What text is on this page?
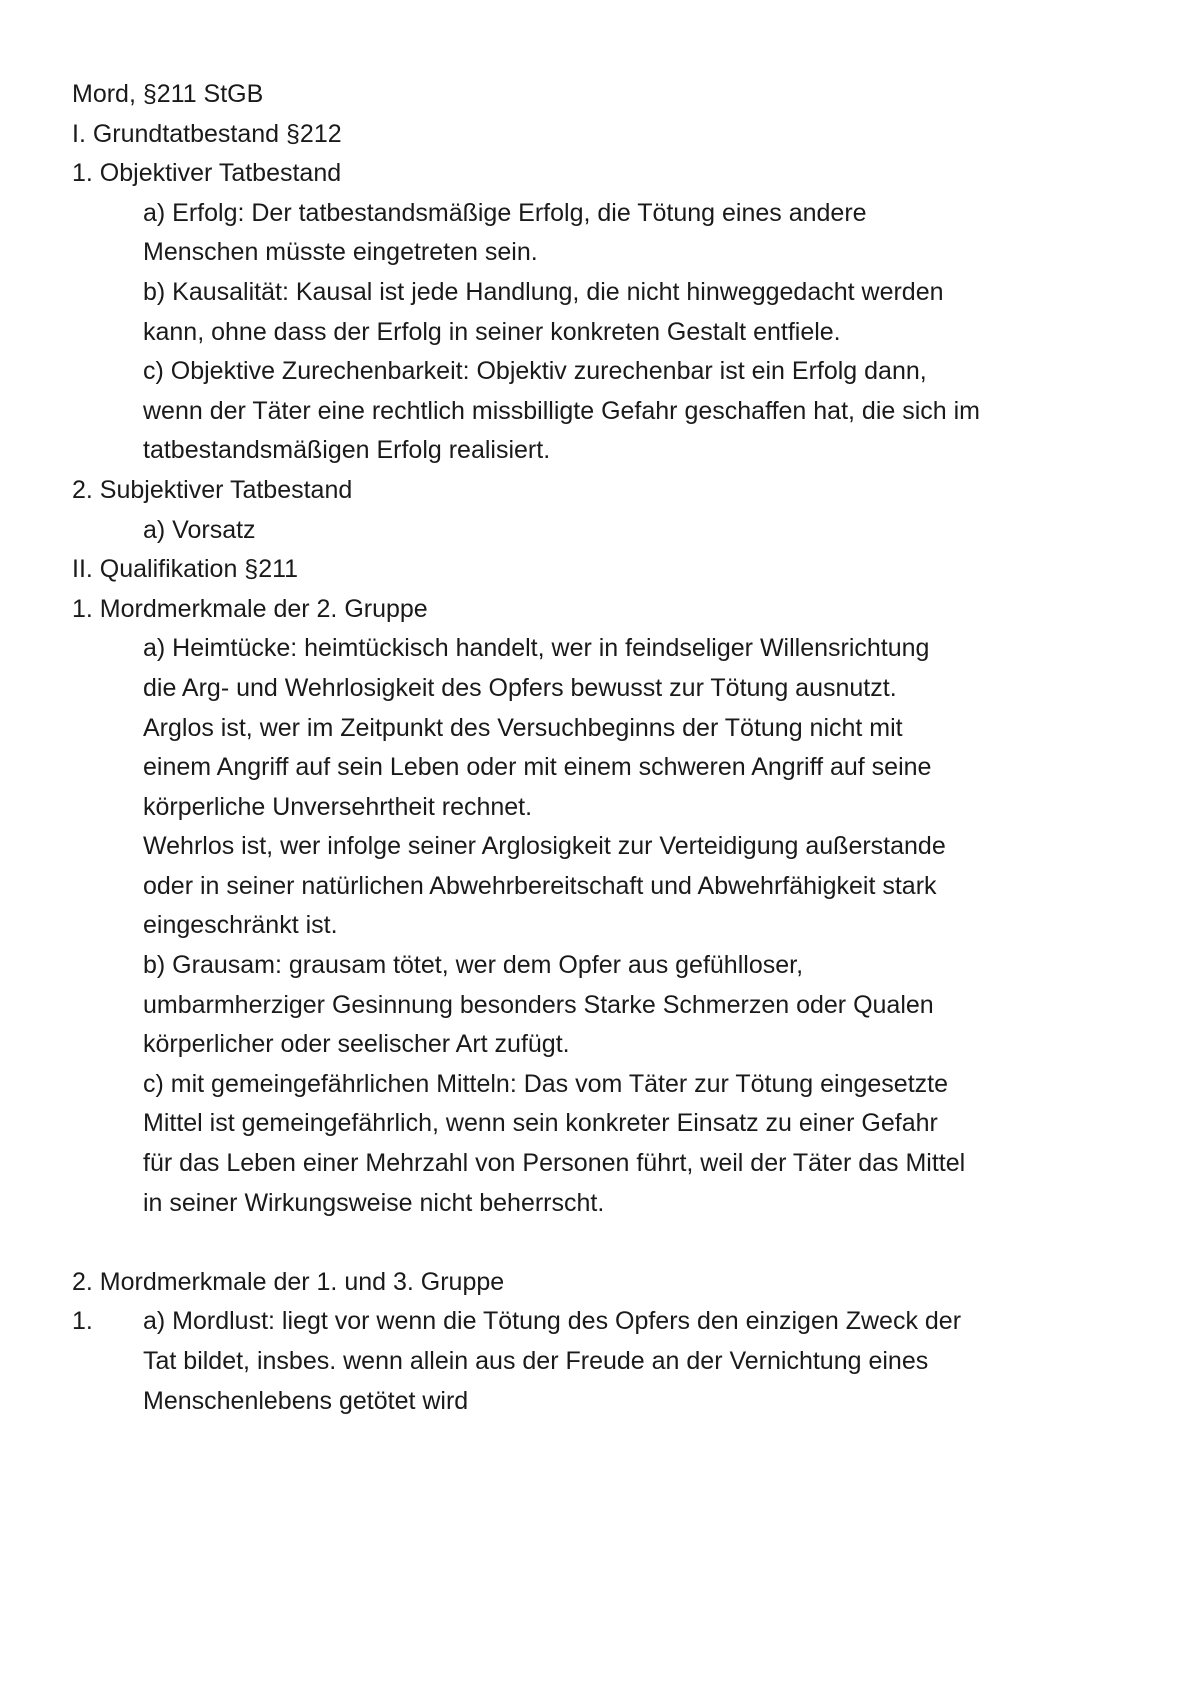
Mord, §211 StGB
I. Grundtatbestand §212
1. Objektiver Tatbestand
a) Erfolg: Der tatbestandsmäßige Erfolg, die Tötung eines andere
Menschen müsste eingetreten sein.
b) Kausalität: Kausal ist jede Handlung, die nicht hinweggedacht werden
kann, ohne dass der Erfolg in seiner konkreten Gestalt entfiele.
c) Objektive Zurechenbarkeit: Objektiv zurechenbar ist ein Erfolg dann,
wenn der Täter eine rechtlich missbilligte Gefahr geschaffen hat, die sich im
tatbestandsmäßigen Erfolg realisiert.
2. Subjektiver Tatbestand
a) Vorsatz
II. Qualifikation §211
1. Mordmerkmale der 2. Gruppe
a) Heimtücke: heimtückisch handelt, wer in feindseliger Willensrichtung
die Arg- und Wehrlosigkeit des Opfers bewusst zur Tötung ausnutzt.
Arglos ist, wer im Zeitpunkt des Versuchbeginns der Tötung nicht mit
einem Angriff auf sein Leben oder mit einem schweren Angriff auf seine
körperliche Unversehrtheit rechnet.
Wehrlos ist, wer infolge seiner Arglosigkeit zur Verteidigung außerstande
oder in seiner natürlichen Abwehrbereitschaft und Abwehrfähigkeit stark
eingeschränkt ist.
b) Grausam: grausam tötet, wer dem Opfer aus gefühlloser,
umbarmherziger Gesinnung besonders Starke Schmerzen oder Qualen
körperlicher oder seelischer Art zufügt.
c) mit gemeingefährlichen Mitteln: Das vom Täter zur Tötung eingesetzte
Mittel ist gemeingefährlich, wenn sein konkreter Einsatz zu einer Gefahr
für das Leben einer Mehrzahl von Personen führt, weil der Täter das Mittel
in seiner Wirkungsweise nicht beherrscht.
2. Mordmerkmale der 1. und 3. Gruppe
1. a) Mordlust: liegt vor wenn die Tötung des Opfers den einzigen Zweck der
Tat bildet, insbes. wenn allein aus der Freude an der Vernichtung eines
Menschenlebens getötet wird
